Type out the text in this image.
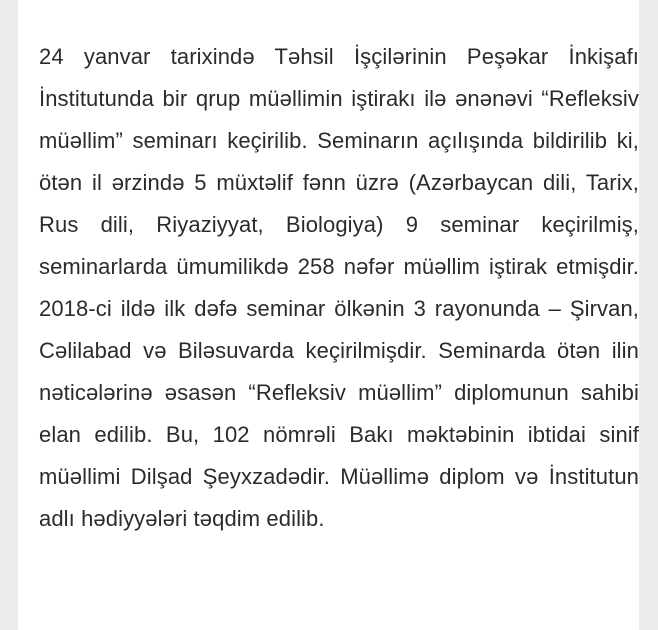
24 yanvar tarixində Təhsil İşçilərinin Peşəkar İnkişafı İnstitutunda bir qrup müəllimin iştirakı ilə ənənəvi “Refleksiv müəllim” seminarı keçirilib. Seminarın açılışında bildirilib ki, ötən il ərzində 5 müxtəlif fənn üzrə (Azərbaycan dili, Tarix, Rus dili, Riyaziyyat, Biologiya) 9 seminar keçirilmiş, seminarlarda ümumilikdə 258 nəfər müəllim iştirak etmişdir. 2018-ci ildə ilk dəfə seminar ölkənin 3 rayonunda – Şirvan, Cəlilabad və Biləsuvarda keçirilmişdir. Seminarda ötən ilin nəticələrinə əsasən “Refleksiv müəllim” diplomunun sahibi elan edilib. Bu, 102 nömrəli Bakı məktəbinin ibtidai sinif müəllimi Dilşad Şeyxzadədir. Müəllimə diplom və İnstitutun adlı hədiyyələri təqdim edilib.
